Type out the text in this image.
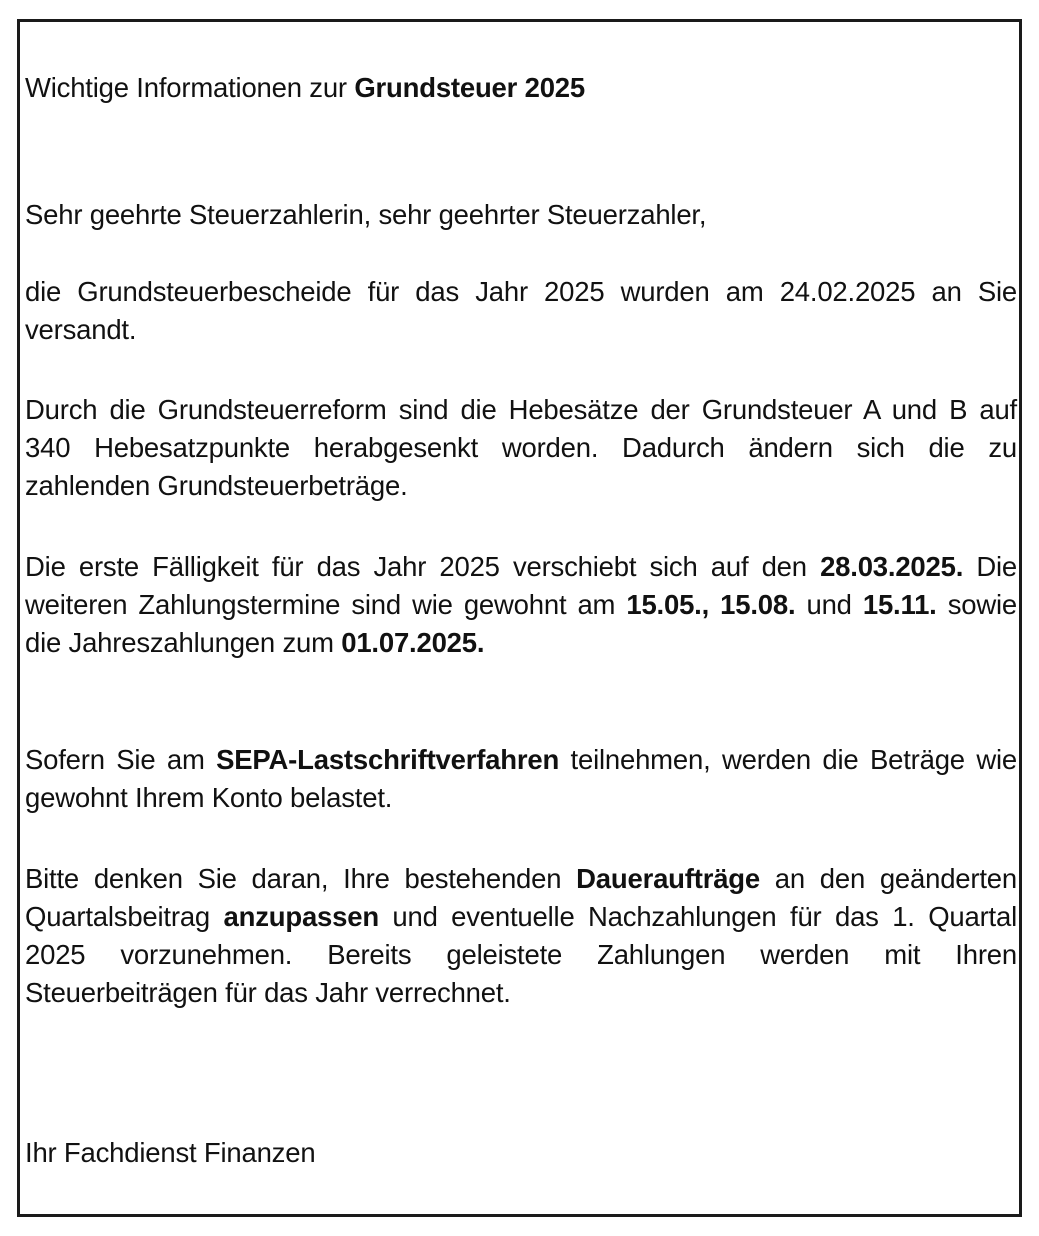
Wichtige Informationen zur Grundsteuer 2025

Sehr geehrte Steuerzahlerin, sehr geehrter Steuerzahler,

die Grundsteuerbescheide für das Jahr 2025 wurden am 24.02.2025 an Sie versandt.

Durch die Grundsteuerreform sind die Hebesätze der Grundsteuer A und B auf 340 Hebesatzpunkte herabgesenkt worden. Dadurch ändern sich die zu zahlenden Grundsteuerbeträge.

Die erste Fälligkeit für das Jahr 2025 verschiebt sich auf den 28.03.2025. Die weiteren Zahlungstermine sind wie gewohnt am 15.05., 15.08. und 15.11. sowie die Jahreszahlungen zum 01.07.2025.

Sofern Sie am SEPA-Lastschriftverfahren teilnehmen, werden die Beträge wie gewohnt Ihrem Konto belastet.

Bitte denken Sie daran, Ihre bestehenden Daueraufträge an den geänderten Quartalsbeitrag anzupassen und eventuelle Nachzahlungen für das 1. Quartal 2025 vorzunehmen. Bereits geleistete Zahlungen werden mit Ihren Steuerbeiträgen für das Jahr verrechnet.

Ihr Fachdienst Finanzen
